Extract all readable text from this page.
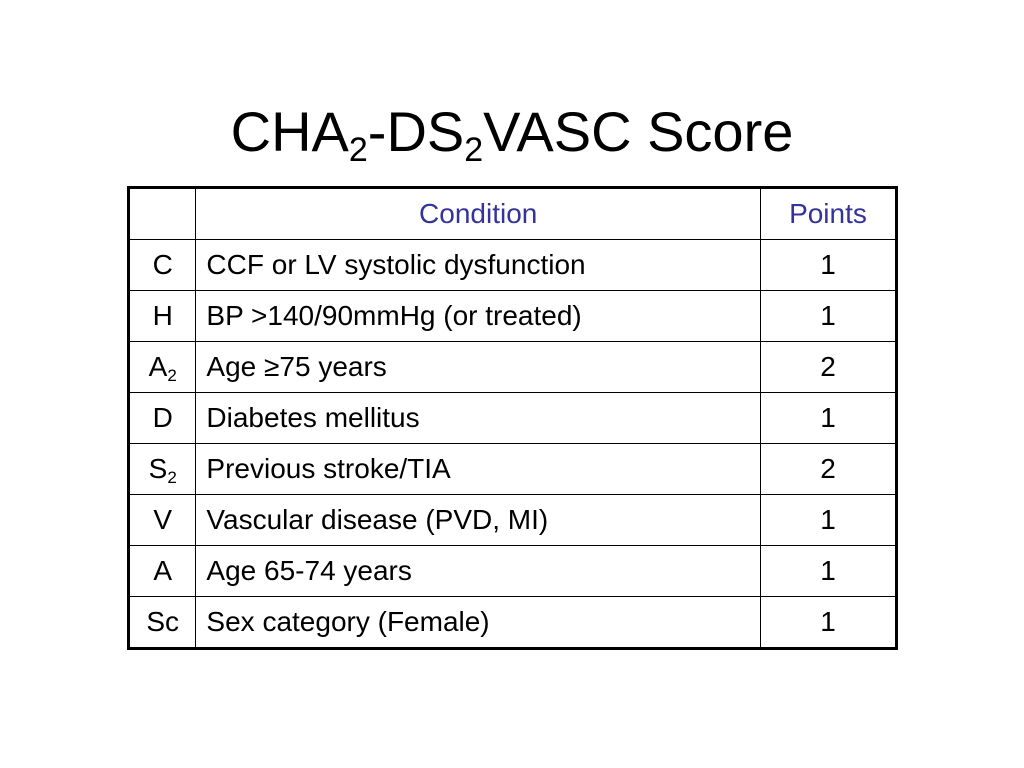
$CHA_2-DS_2VASC$ Score
	Condition	Points
C	CCF or LV systolic dysfunction	1
H	BP >140/90mmHg (or treated)	1
$A_2$	Age ≥75 years	2
D	Diabetes mellitus	1
$S_2$	Previous stroke/TIA	2
V	Vascular disease (PVD, MI)	1
A	Age 65-74 years	1
Sc	Sex category (Female)	1
